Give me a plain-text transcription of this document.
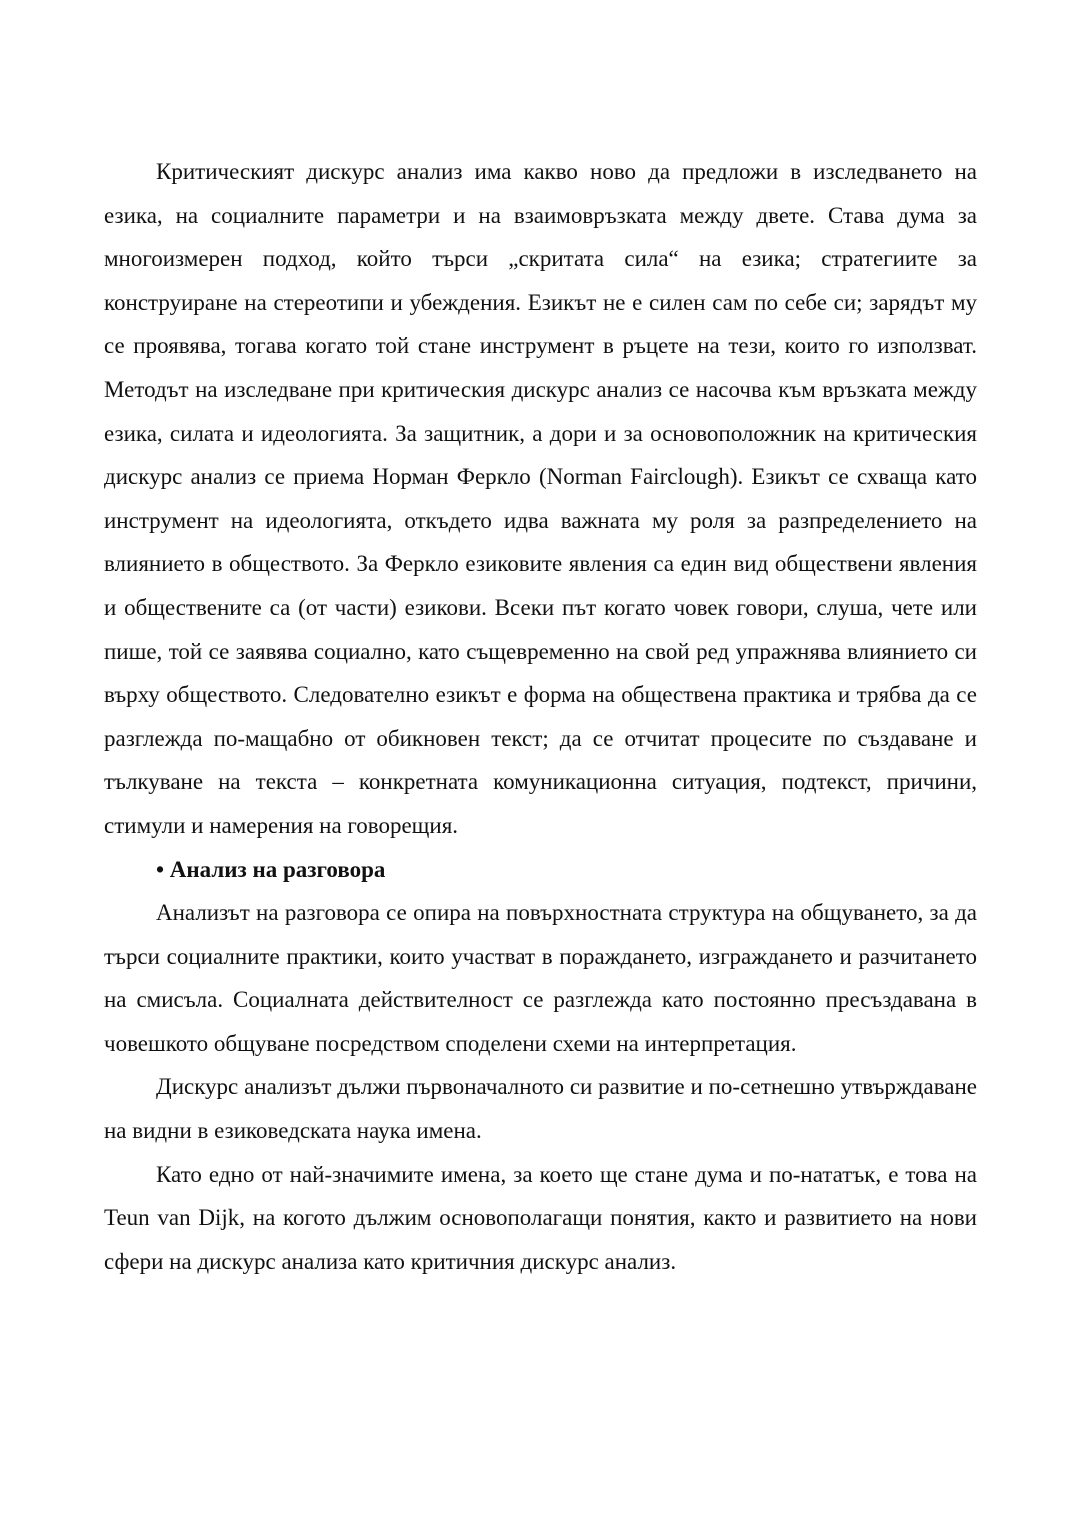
Критическият дискурс анализ има какво ново да предложи в изследването на езика, на социалните параметри и на взаимовръзката между двете. Става дума за многоизмерен подход, който търси „скритата сила“ на езика; стратегиите за конструиране на стереотипи и убеждения. Езикът не е силен сам по себе си; зарядът му се проявява, тогава когато той стане инструмент в ръцете на тези, които го използват. Методът на изследване при критическия дискурс анализ се насочва към връзката между езика, силата и идеологията. За защитник, а дори и за основоположник на критическия дискурс анализ се приема Норман Ферклo (Norman Fairclough). Езикът се схваща като инструмент на идеологията, откъдето идва важната му роля за разпределението на влиянието в обществото. За Ферклo езиковите явления са един вид обществени явления и обществените са (от части) езикови. Всеки път когато човек говори, слуша, чете или пише, той се заявява социално, като същевременно на свой ред упражнява влиянието си върху обществото. Следователно езикът е форма на обществена практика и трябва да се разглежда по-мащабно от обикновен текст; да се отчитат процесите по създаване и тълкуване на текста – конкретната комуникационна ситуация, подтекст, причини, стимули и намерения на говорещия.

• Анализ на разговора

Анализът на разговора се опира на повърхностната структура на общуването, за да търси социалните практики, които участват в пораждането, изграждането и разчитането на смисъла. Социалната действителност се разглежда като постоянно пресъздавана в човешкото общуване посредством споделени схеми на интерпретация.

Дискурс анализът дължи първоначалното си развитие и по-сетнешно утвърждаване на видни в езиковедската наука имена.

Като едно от най-значимите имена, за което ще стане дума и по-нататък, е това на Teun van Dijk, на когото дължим основополагащи понятия, както и развитието на нови сфери на дискурс анализа като критичния дискурс анализ.
